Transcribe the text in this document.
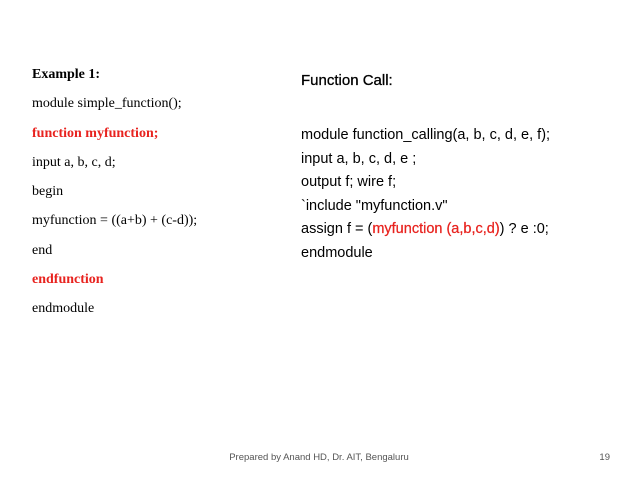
Example 1:
module simple_function();
function myfunction;
input a, b, c, d;
begin
myfunction = ((a+b) + (c-d));
end
endfunction
endmodule
Function Call:
module function_calling(a, b, c, d, e, f);
input a, b, c, d, e ;
output f; wire f;
`include "myfunction.v"
assign f = (myfunction (a,b,c,d)) ? e :0;
endmodule
Prepared by Anand HD, Dr. AIT, Bengaluru	19
